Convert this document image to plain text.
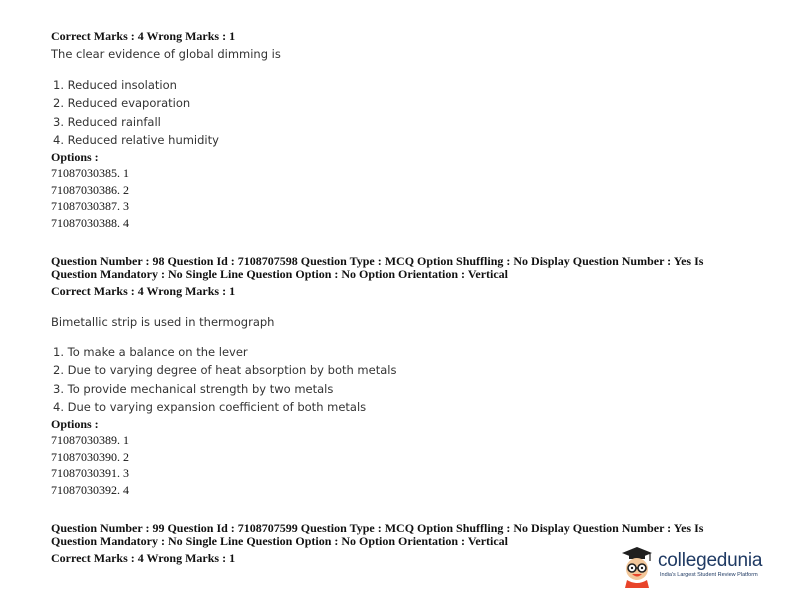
Correct Marks : 4 Wrong Marks : 1
The clear evidence of global dimming is
1. Reduced insolation
2. Reduced evaporation
3. Reduced rainfall
4. Reduced relative humidity
Options :
71087030385. 1
71087030386. 2
71087030387. 3
71087030388. 4
Question Number : 98 Question Id : 7108707598 Question Type : MCQ Option Shuffling : No Display Question Number : Yes Is
Question Mandatory : No Single Line Question Option : No Option Orientation : Vertical
Correct Marks : 4 Wrong Marks : 1
Bimetallic strip is used in thermograph
1. To make a balance on the lever
2. Due to varying degree of heat absorption by both metals
3. To provide mechanical strength by two metals
4. Due to varying expansion coefficient of both metals
Options :
71087030389. 1
71087030390. 2
71087030391. 3
71087030392. 4
Question Number : 99 Question Id : 7108707599 Question Type : MCQ Option Shuffling : No Display Question Number : Yes Is
Question Mandatory : No Single Line Question Option : No Option Orientation : Vertical
Correct Marks : 4 Wrong Marks : 1	collegedunia
India's Largest Student Review Platform
